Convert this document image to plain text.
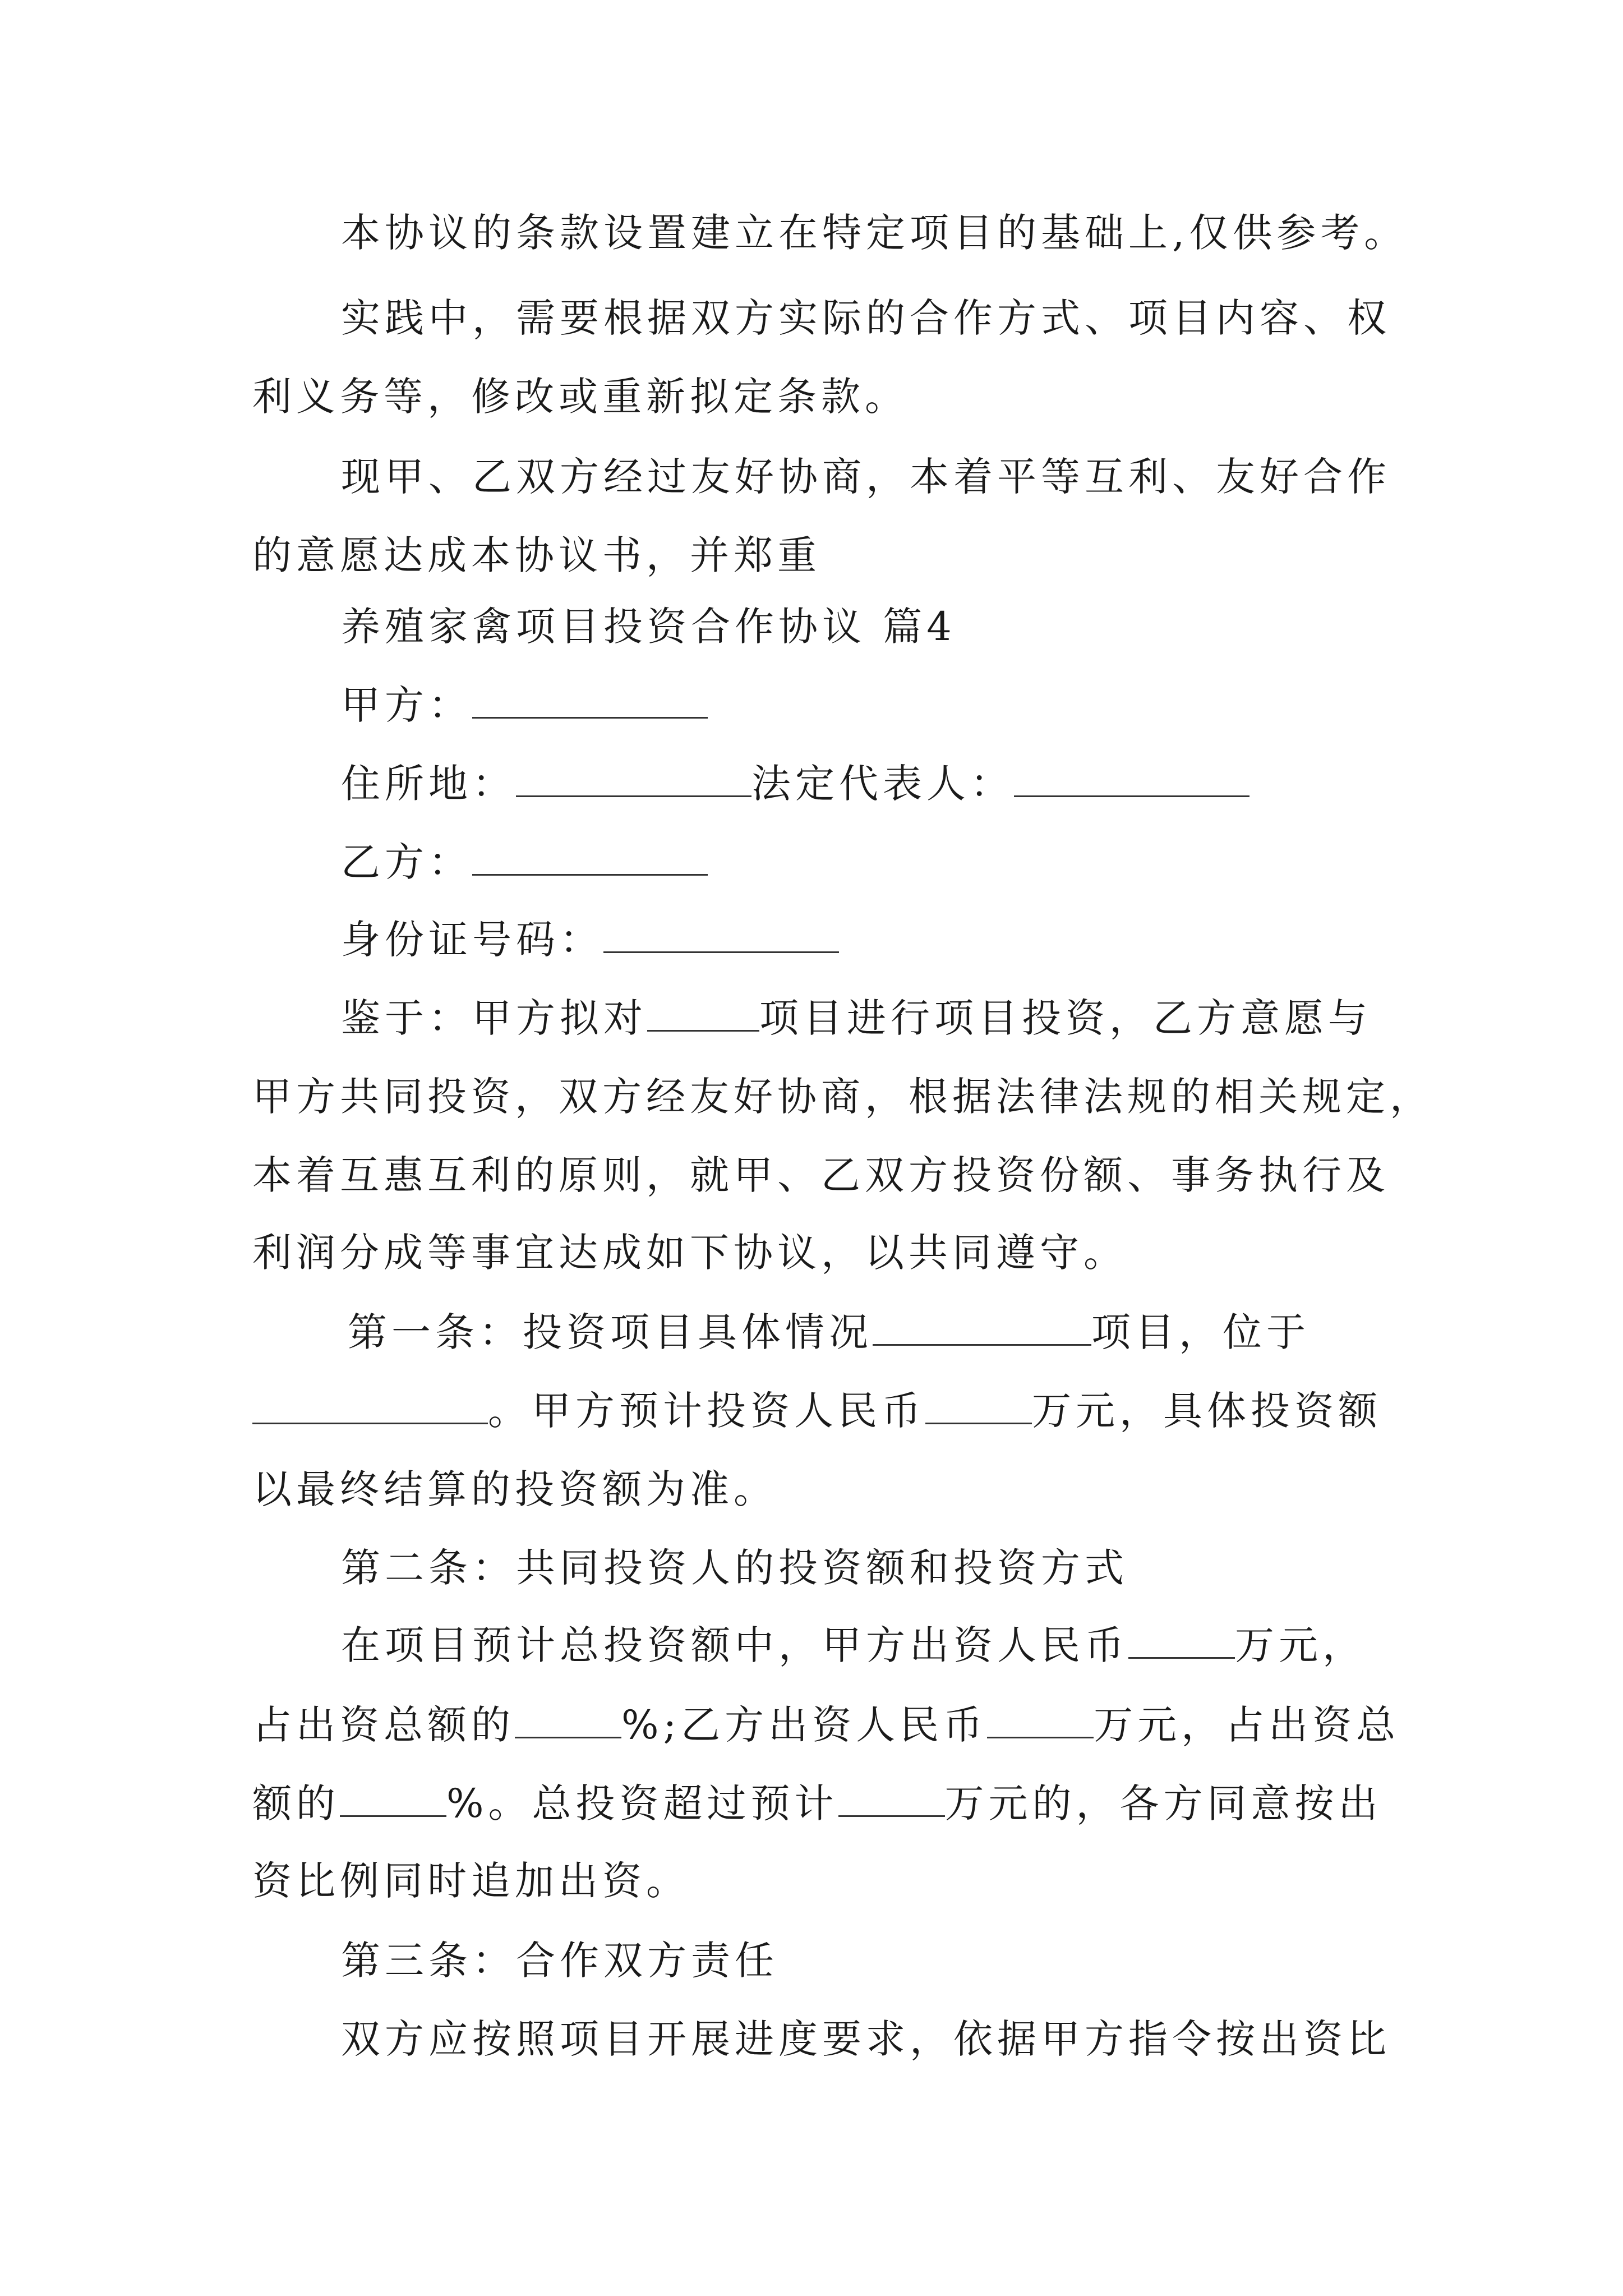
本协议的条款设置建立在特定项目的基础上,仅供参考。
实践中，需要根据双方实际的合作方式、项目内容、权
利义务等，修改或重新拟定条款。
现甲、乙双方经过友好协商，本着平等互利、友好合作
的意愿达成本协议书，并郑重
养殖家禽项目投资合作协议 篇4
甲方：
住所地：	法定代表人：
乙方：
身份证号码：
鉴于：甲方拟对	项目进行项目投资，乙方意愿与
甲方共同投资，双方经友好协商，根据法律法规的相关规定，
本着互惠互利的原则，就甲、乙双方投资份额、事务执行及
利润分成等事宜达成如下协议，以共同遵守。
第一条：投资项目具体情况	项目，位于
。甲方预计投资人民币	万元，具体投资额
以最终结算的投资额为准。
第二条：共同投资人的投资额和投资方式
在项目预计总投资额中，甲方出资人民币	万元，
占出资总额的	%;乙方出资人民币	万元，占出资总
额的	%。总投资超过预计	万元的，各方同意按出
资比例同时追加出资。
第三条：合作双方责任
双方应按照项目开展进度要求，依据甲方指令按出资比
